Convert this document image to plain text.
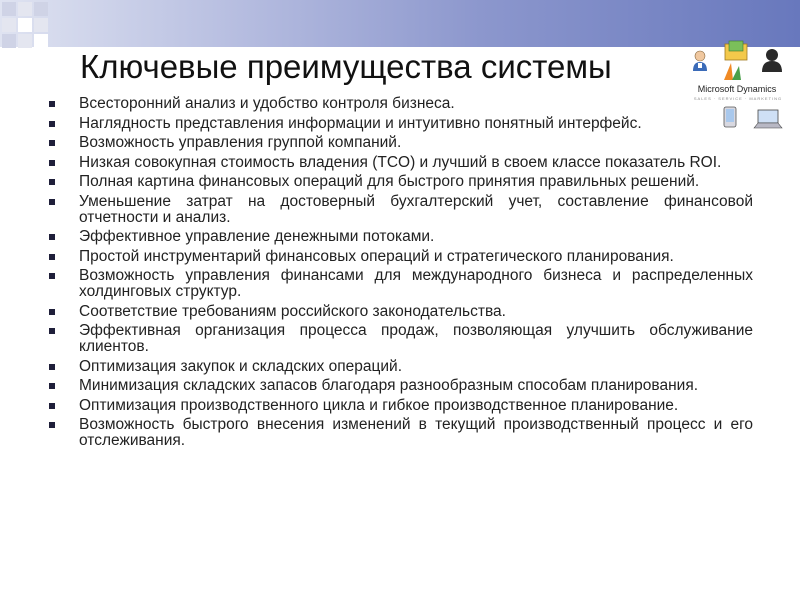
Ключевые преимущества системы
Microsoft Dynamics
SALES · SERVICE · MARKETING
Всесторонний анализ и удобство контроля бизнеса.
Наглядность представления информации и интуитивно понятный интерфейс.
Возможность управления группой компаний.
Низкая совокупная стоимость владения (TCO) и лучший в своем классе показатель ROI.
Полная картина финансовых операций для быстрого принятия правильных решений.
Уменьшение затрат на достоверный бухгалтерский учет, составление финансовой отчетности и анализ.
Эффективное управление денежными потоками.
Простой инструментарий финансовых операций и стратегического планирования.
Возможность управления финансами для международного бизнеса и распределенных холдинговых структур.
Соответствие требованиям российского законодательства.
Эффективная организация процесса продаж, позволяющая улучшить обслуживание клиентов.
Оптимизация закупок и складских операций.
Минимизация складских запасов благодаря разнообразным способам планирования.
Оптимизация производственного цикла и гибкое производственное планирование.
Возможность быстрого внесения изменений в текущий производственный процесс и его отслеживания.
